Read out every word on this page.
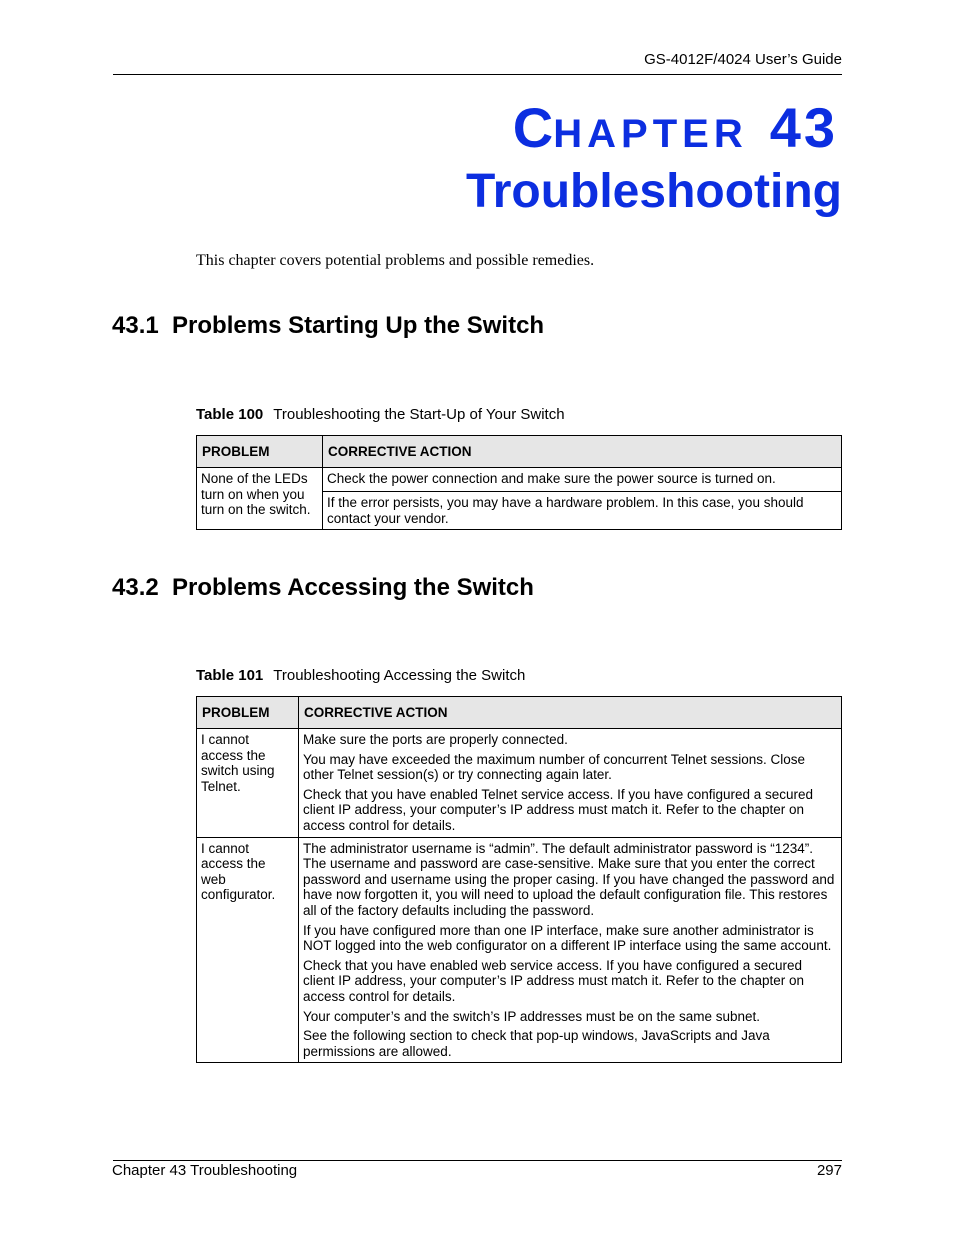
GS-4012F/4024 User’s Guide
CHAPTER 43
Troubleshooting
This chapter covers potential problems and possible remedies.
43.1  Problems Starting Up the Switch
Table 100 Troubleshooting the Start-Up of Your Switch
PROBLEM	CORRECTIVE ACTION
None of the LEDs turn on when you turn on the switch.	Check the power connection and make sure the power source is turned on.
	If the error persists, you may have a hardware problem. In this case, you should contact your vendor.
43.2  Problems Accessing the Switch
Table 101 Troubleshooting Accessing the Switch
PROBLEM	CORRECTIVE ACTION
I cannot access the switch using Telnet.	Make sure the ports are properly connected.
You may have exceeded the maximum number of concurrent Telnet sessions. Close other Telnet session(s) or try connecting again later.
Check that you have enabled Telnet service access. If you have configured a secured client IP address, your computer’s IP address must match it. Refer to the chapter on access control for details.

I cannot access the web configurator.	The administrator username is “admin”. The default administrator password is “1234”. The username and password are case-sensitive. Make sure that you enter the correct password and username using the proper casing. If you have changed the password and have now forgotten it, you will need to upload the default configuration file. This restores all of the factory defaults including the password.
If you have configured more than one IP interface, make sure another administrator is NOT logged into the web configurator on a different IP interface using the same account.
Check that you have enabled web service access. If you have configured a secured client IP address, your computer’s IP address must match it. Refer to the chapter on access control for details.
Your computer’s and the switch’s IP addresses must be on the same subnet.
See the following section to check that pop-up windows, JavaScripts and Java permissions are allowed.
Chapter 43 Troubleshooting	297
